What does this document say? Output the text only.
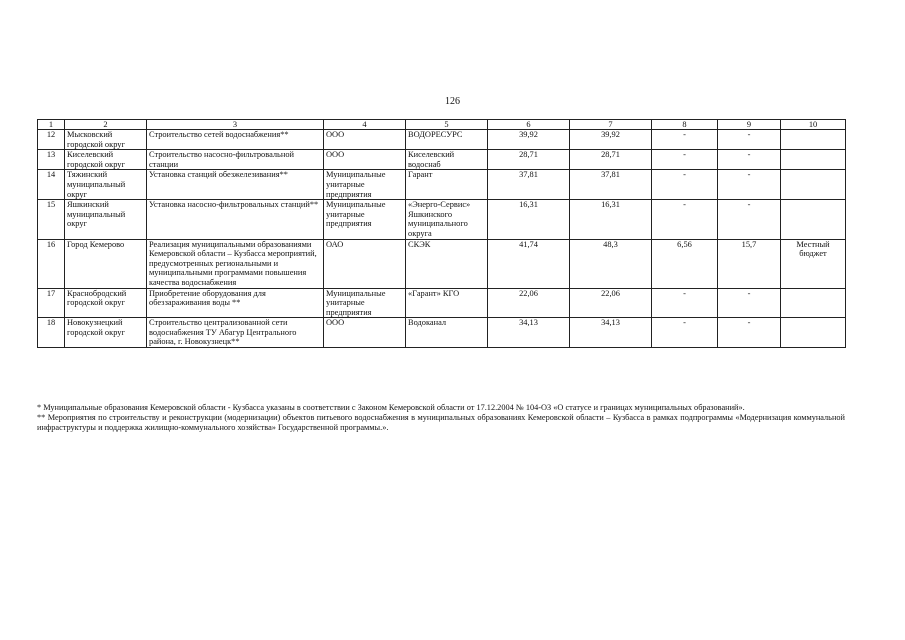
126
1	2	3	4	5	6	7	8	9	10
12	Мысковский городской округ	Строительство сетей водоснабжения**	ООО	ВОДОРЕСУРС	39,92	39,92	-	-	
13	Киселевский городской округ	Строительство насосно-фильтровальной станции	ООО	Киселевский водоснаб	28,71	28,71	-	-	
14	Тяжинский муниципальный округ	Установка станций обезжелезивания**	Муниципальные унитарные предприятия	Гарант	37,81	37,81	-	-	
15	Яшкинский муниципальный округ	Установка насосно-фильтровальных станций**	Муниципальные унитарные предприятия	«Энерго-Сервис» Яшкинского муниципального округа	16,31	16,31	-	-	
16	Город Кемерово	Реализация муниципальными образованиями Кемеровской области – Кузбасса мероприятий, предусмотренных региональными и муниципальными программами повышения качества водоснабжения	ОАО	СКЭК	41,74	48,3	6,56	15,7	Местный бюджет
17	Краснобродский городской округ	Приобретение оборудования для обеззараживания воды **	Муниципальные унитарные предприятия	«Гарант» КГО	22,06	22,06	-	-	
18	Новокузнецкий городской округ	Строительство централизованной сети водоснабжения ТУ Абагур Центрального района, г. Новокузнецк**	ООО	Водоканал	34,13	34,13	-	-	

* Муниципальные образования Кемеровской области - Кузбасса указаны в соответствии с Законом Кемеровской области от 17.12.2004 № 104-ОЗ «О статусе и границах муниципальных образований».

** Мероприятия по строительству и реконструкции (модернизации) объектов питьевого водоснабжения в муниципальных образованиях Кемеровской области – Кузбасса в рамках подпрограммы «Модернизация коммунальной инфраструктуры и поддержка жилищно-коммунального хозяйства» Государственной программы.».
